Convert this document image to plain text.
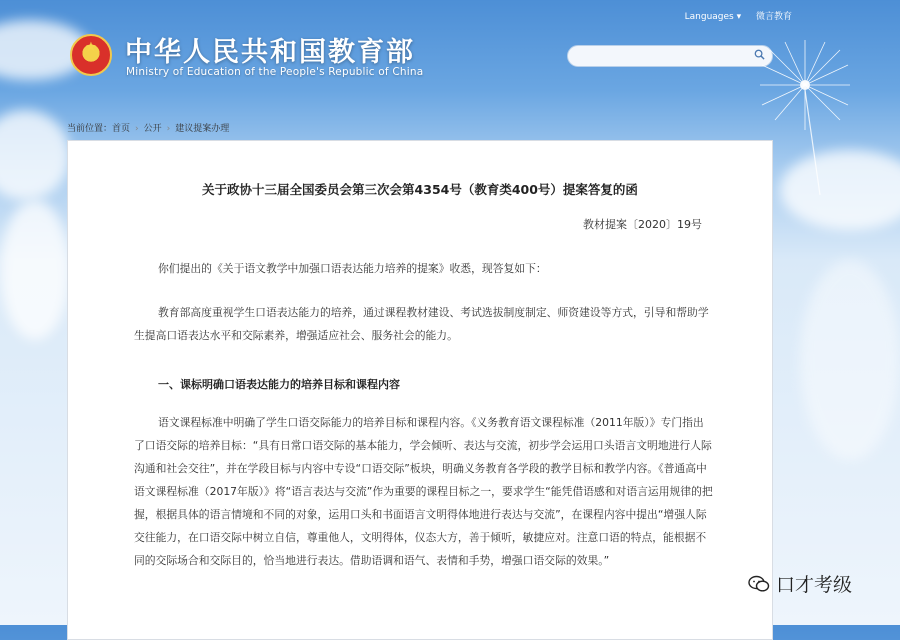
★	中华人民共和国教育部
Ministry of Education of the People's Republic of China
Languages ▾ 微言教育
当前位置：首页 › 公开 › 建议提案办理
关于政协十三届全国委员会第三次会第4354号（教育类400号）提案答复的函
教材提案〔2020〕19号

你们提出的《关于语文教学中加强口语表达能力培养的提案》收悉，现答复如下：

教育部高度重视学生口语表达能力的培养，通过课程教材建设、考试选拔制度制定、师资建设等方式，引导和帮助学生提高口语表达水平和交际素养，增强适应社会、服务社会的能力。

一、课标明确口语表达能力的培养目标和课程内容

语文课程标准中明确了学生口语交际能力的培养目标和课程内容。《义务教育语文课程标准（2011年版）》专门指出了口语交际的培养目标：“具有日常口语交际的基本能力，学会倾听、表达与交流，初步学会运用口头语言文明地进行人际沟通和社会交往”，并在学段目标与内容中专设“口语交际”板块，明确义务教育各学段的教学目标和教学内容。《普通高中语文课程标准（2017年版）》将“语言表达与交流”作为重要的课程目标之一，要求学生“能凭借语感和对语言运用规律的把握，根据具体的语言情境和不同的对象，运用口头和书面语言文明得体地进行表达与交流”，在课程内容中提出“增强人际交往能力，在口语交际中树立自信，尊重他人，文明得体，仪态大方，善于倾听，敏捷应对。注意口语的特点，能根据不同的交际场合和交际目的，恰当地进行表达。借助语调和语气、表情和手势，增强口语交际的效果。”

口才考级
